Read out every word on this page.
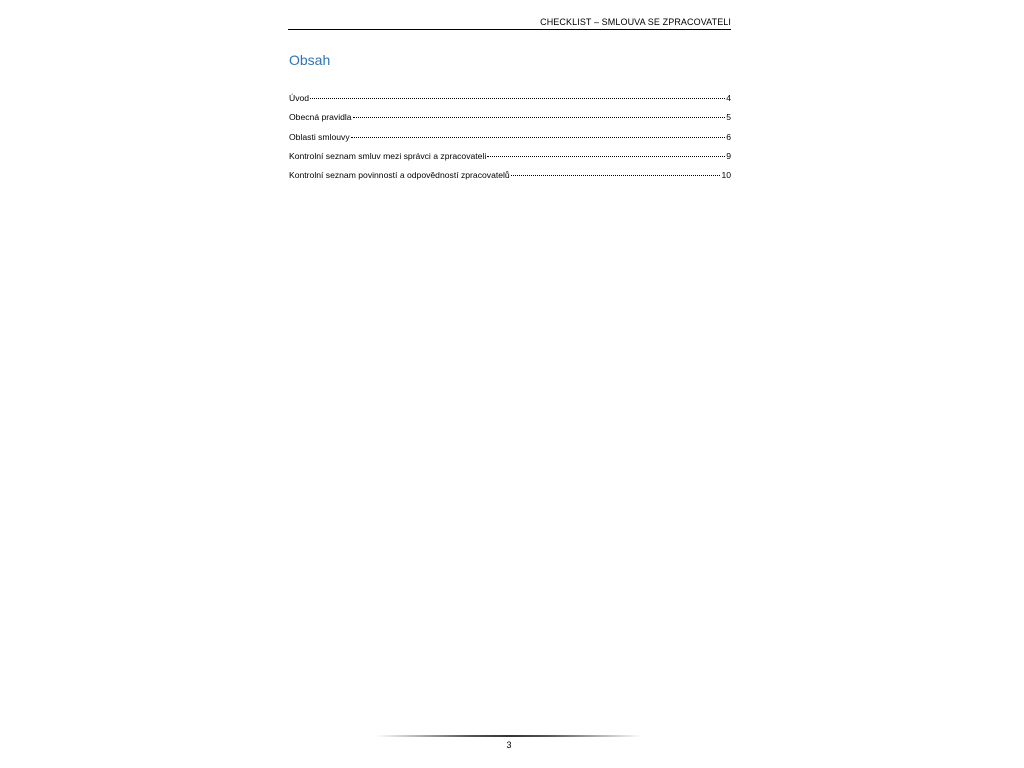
CHECKLIST – SMLOUVA SE ZPRACOVATELI
Obsah
Úvod	4
Obecná pravidla	5
Oblasti smlouvy	6
Kontrolní seznam smluv mezi správci a zpracovateli	9
Kontrolní seznam povinností a odpovědností zpracovatelů	10
3
